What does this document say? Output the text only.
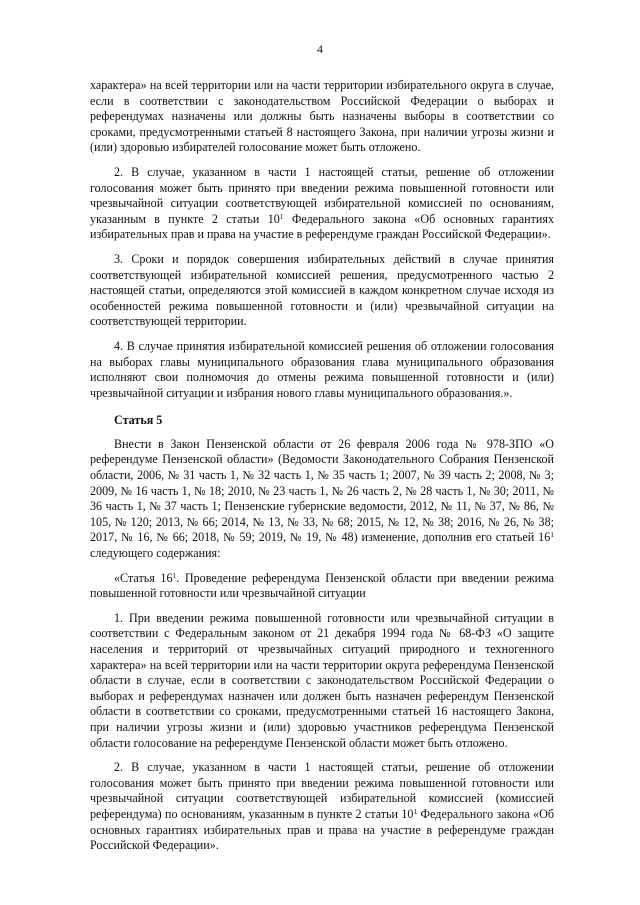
4

характера» на всей территории или на части территории избирательного округа в случае, если в соответствии с законодательством Российской Федерации о выборах и референдумах назначены или должны быть назначены выборы в соответствии со сроками, предусмотренными статьей 8 настоящего Закона, при наличии угрозы жизни и (или) здоровью избирателей голосование может быть отложено.

2. В случае, указанном в части 1 настоящей статьи, решение об отложении голосования может быть принято при введении режима повышенной готовности или чрезвычайной ситуации соответствующей избирательной комиссией по основаниям, указанным в пункте 2 статьи $10^1$ Федерального закона «Об основных гарантиях избирательных прав и права на участие в референдуме граждан Российской Федерации».

3. Сроки и порядок совершения избирательных действий в случае принятия соответствующей избирательной комиссией решения, предусмотренного частью 2 настоящей статьи, определяются этой комиссией в каждом конкретном случае исходя из особенностей режима повышенной готовности и (или) чрезвычайной ситуации на соответствующей территории.

4. В случае принятия избирательной комиссией решения об отложении голосования на выборах главы муниципального образования глава муниципального образования исполняют свои полномочия до отмены режима повышенной готовности и (или) чрезвычайной ситуации и избрания нового главы муниципального образования.».

Статья 5

Внести в Закон Пензенской области от 26 февраля 2006 года № 978-ЗПО «О референдуме Пензенской области» (Ведомости Законодательного Собрания Пензенской области, 2006, № 31 часть 1, № 32 часть 1, № 35 часть 1; 2007, № 39 часть 2; 2008, № 3; 2009, № 16 часть 1, № 18; 2010, № 23 часть 1, № 26 часть 2, № 28 часть 1, № 30; 2011, № 36 часть 1, № 37 часть 1; Пензенские губернские ведомости, 2012, № 11, № 37, № 86, № 105, № 120; 2013, № 66; 2014, № 13, № 33, № 68; 2015, № 12, № 38; 2016, № 26, № 38; 2017, № 16, № 66; 2018, № 59; 2019, № 19, № 48) изменение, дополнив его статьей $16^1$ следующего содержания:

«Статья $16^1$. Проведение референдума Пензенской области при введении режима повышенной готовности или чрезвычайной ситуации

1. При введении режима повышенной готовности или чрезвычайной ситуации в соответствии с Федеральным законом от 21 декабря 1994 года № 68-ФЗ «О защите населения и территорий от чрезвычайных ситуаций природного и техногенного характера» на всей территории или на части территории округа референдума Пензенской области в случае, если в соответствии с законодательством Российской Федерации о выборах и референдумах назначен или должен быть назначен референдум Пензенской области в соответствии со сроками, предусмотренными статьей 16 настоящего Закона, при наличии угрозы жизни и (или) здоровью участников референдума Пензенской области голосование на референдуме Пензенской области может быть отложено.

2. В случае, указанном в части 1 настоящей статьи, решение об отложении голосования может быть принято при введении режима повышенной готовности или чрезвычайной ситуации соответствующей избирательной комиссией (комиссией референдума) по основаниям, указанным в пункте 2 статьи $10^1$ Федерального закона «Об основных гарантиях избирательных прав и права на участие в референдуме граждан Российской Федерации».
